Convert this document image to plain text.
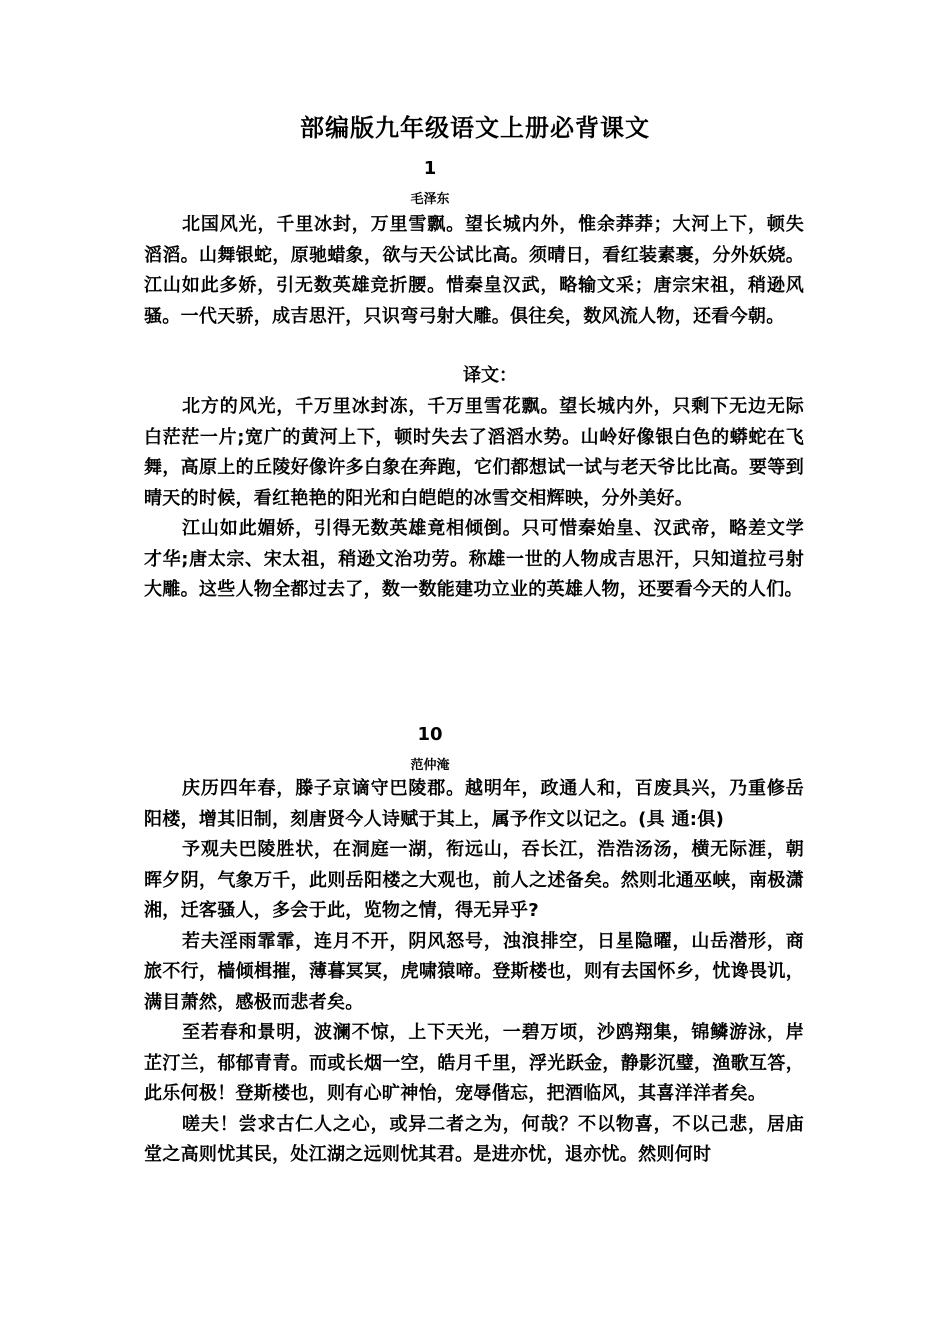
部编版九年级语文上册必背课文
1
毛泽东

北国风光，千里冰封，万里雪飘。望长城内外，惟余莽莽；大河上下，顿失滔滔。山舞银蛇，原驰蜡象，欲与天公试比高。须晴日，看红装素裹，分外妖娆。江山如此多娇，引无数英雄竞折腰。惜秦皇汉武，略输文采；唐宗宋祖，稍逊风骚。一代天骄，成吉思汗，只识弯弓射大雕。俱往矣，数风流人物，还看今朝。

译文：

北方的风光，千万里冰封冻，千万里雪花飘。望长城内外，只剩下无边无际白茫茫一片;宽广的黄河上下，顿时失去了滔滔水势。山岭好像银白色的蟒蛇在飞舞，高原上的丘陵好像许多白象在奔跑，它们都想试一试与老天爷比比高。要等到晴天的时候，看红艳艳的阳光和白皑皑的冰雪交相辉映，分外美好。

江山如此媚娇，引得无数英雄竟相倾倒。只可惜秦始皇、汉武帝，略差文学才华;唐太宗、宋太祖，稍逊文治功劳。称雄一世的人物成吉思汗，只知道拉弓射大雕。这些人物全都过去了，数一数能建功立业的英雄人物，还要看今天的人们。

10
范仲淹

庆历四年春，滕子京谪守巴陵郡。越明年，政通人和，百废具兴，乃重修岳阳楼，增其旧制，刻唐贤今人诗赋于其上，属予作文以记之。(具 通:俱)

予观夫巴陵胜状，在洞庭一湖，衔远山，吞长江，浩浩汤汤，横无际涯，朝晖夕阴，气象万千，此则岳阳楼之大观也，前人之述备矣。然则北通巫峡，南极潇湘，迁客骚人，多会于此，览物之情，得无异乎?

若夫淫雨霏霏，连月不开，阴风怒号，浊浪排空，日星隐曜，山岳潜形，商旅不行，樯倾楫摧，薄暮冥冥，虎啸猿啼。登斯楼也，则有去国怀乡，忧谗畏讥，满目萧然，感极而悲者矣。

至若春和景明，波澜不惊，上下天光，一碧万顷，沙鸥翔集，锦鳞游泳，岸芷汀兰，郁郁青青。而或长烟一空，皓月千里，浮光跃金，静影沉璧，渔歌互答，此乐何极！登斯楼也，则有心旷神怡，宠辱偕忘，把酒临风，其喜洋洋者矣。

嗟夫！尝求古仁人之心，或异二者之为，何哉？不以物喜，不以己悲，居庙堂之高则忧其民，处江湖之远则忧其君。是进亦忧，退亦忧。然则何时
